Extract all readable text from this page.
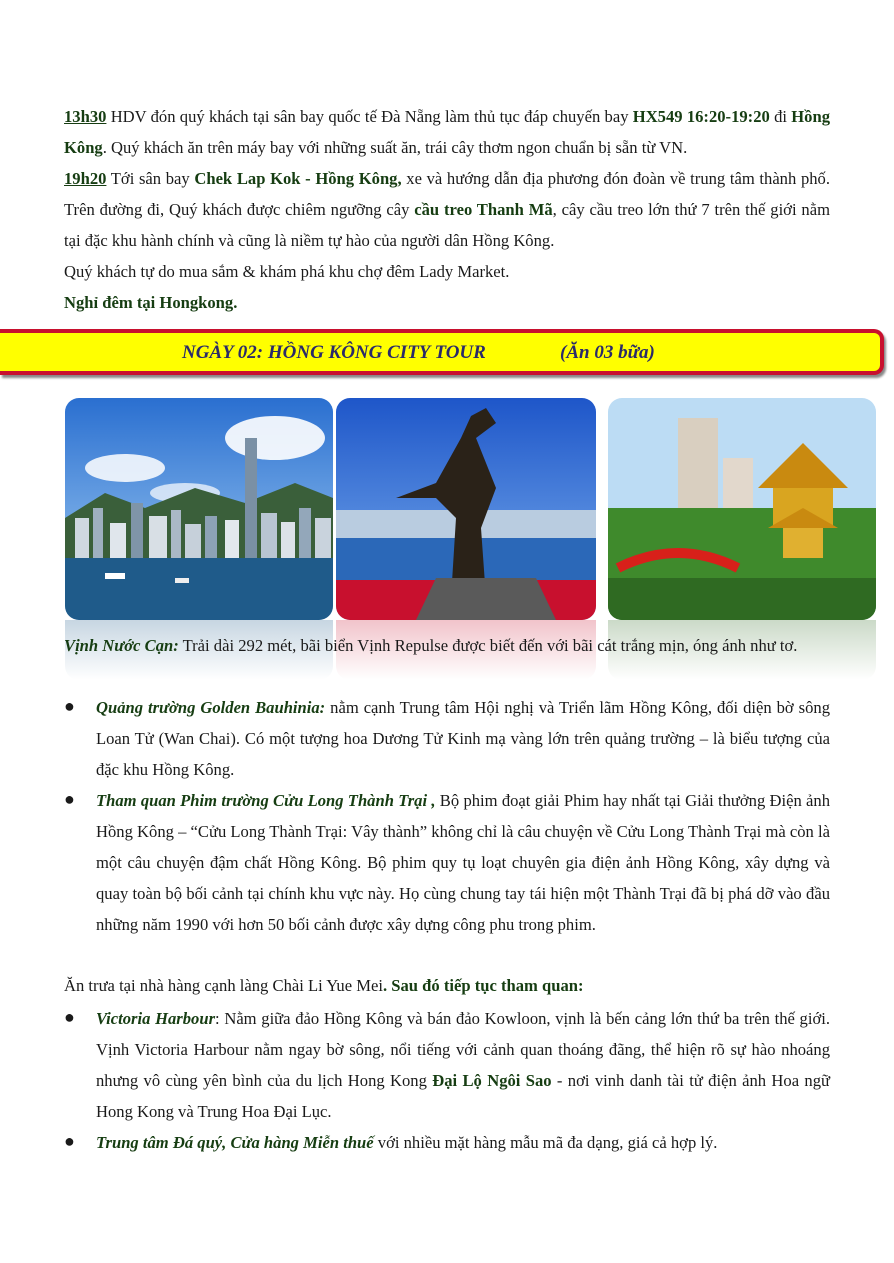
13h30 HDV đón quý khách tại sân bay quốc tế Đà Nẵng làm thủ tục đáp chuyến bay HX549 16:20-19:20 đi Hồng Kông. Quý khách ăn trên máy bay với những suất ăn, trái cây thơm ngon chuẩn bị sẵn từ VN.
19h20 Tới sân bay Chek Lap Kok - Hồng Kông, xe và hướng dẫn địa phương đón đoàn về trung tâm thành phố. Trên đường đi, Quý khách được chiêm ngưỡng cây cầu treo Thanh Mã, cây cầu treo lớn thứ 7 trên thế giới nằm tại đặc khu hành chính và cũng là niềm tự hào của người dân Hồng Kông.
Quý khách tự do mua sắm & khám phá khu chợ đêm Lady Market.
Nghỉ đêm tại Hongkong.

NGÀY 02: HỒNG KÔNG CITY TOUR	(Ăn 03 bữa)

Vịnh Nước Cạn: Trải dài 292 mét, bãi biển Vịnh Repulse được biết đến với bãi cát trắng mịn, óng ánh như tơ.

● Quảng trường Golden Bauhinia: nằm cạnh Trung tâm Hội nghị và Triển lãm Hồng Kông, đối diện bờ sông Loan Tử (Wan Chai). Có một tượng hoa Dương Tử Kinh mạ vàng lớn trên quảng trường – là biểu tượng của đặc khu Hồng Kông.

● Tham quan Phim trường Cửu Long Thành Trại , Bộ phim đoạt giải Phim hay nhất tại Giải thưởng Điện ảnh Hồng Kông – “Cửu Long Thành Trại: Vây thành” không chỉ là câu chuyện về Cửu Long Thành Trại mà còn là một câu chuyện đậm chất Hồng Kông. Bộ phim quy tụ loạt chuyên gia điện ảnh Hồng Kông, xây dựng và quay toàn bộ bối cảnh tại chính khu vực này. Họ cùng chung tay tái hiện một Thành Trại đã bị phá dỡ vào đầu những năm 1990 với hơn 50 bối cảnh được xây dựng công phu trong phim.

Ăn trưa tại nhà hàng cạnh làng Chài Li Yue Mei. Sau đó tiếp tục tham quan:

● Victoria Harbour: Nằm giữa đảo Hồng Kông và bán đảo Kowloon, vịnh là bến cảng lớn thứ ba trên thế giới. Vịnh Victoria Harbour nằm ngay bờ sông, nổi tiếng với cảnh quan thoáng đãng, thể hiện rõ sự hào nhoáng nhưng vô cùng yên bình của du lịch Hong Kong Đại Lộ Ngôi Sao - nơi vinh danh tài tử điện ảnh Hoa ngữ Hong Kong và Trung Hoa Đại Lục.

● Trung tâm Đá quý, Cửa hàng Miễn thuế với nhiều mặt hàng mẫu mã đa dạng, giá cả hợp lý.
